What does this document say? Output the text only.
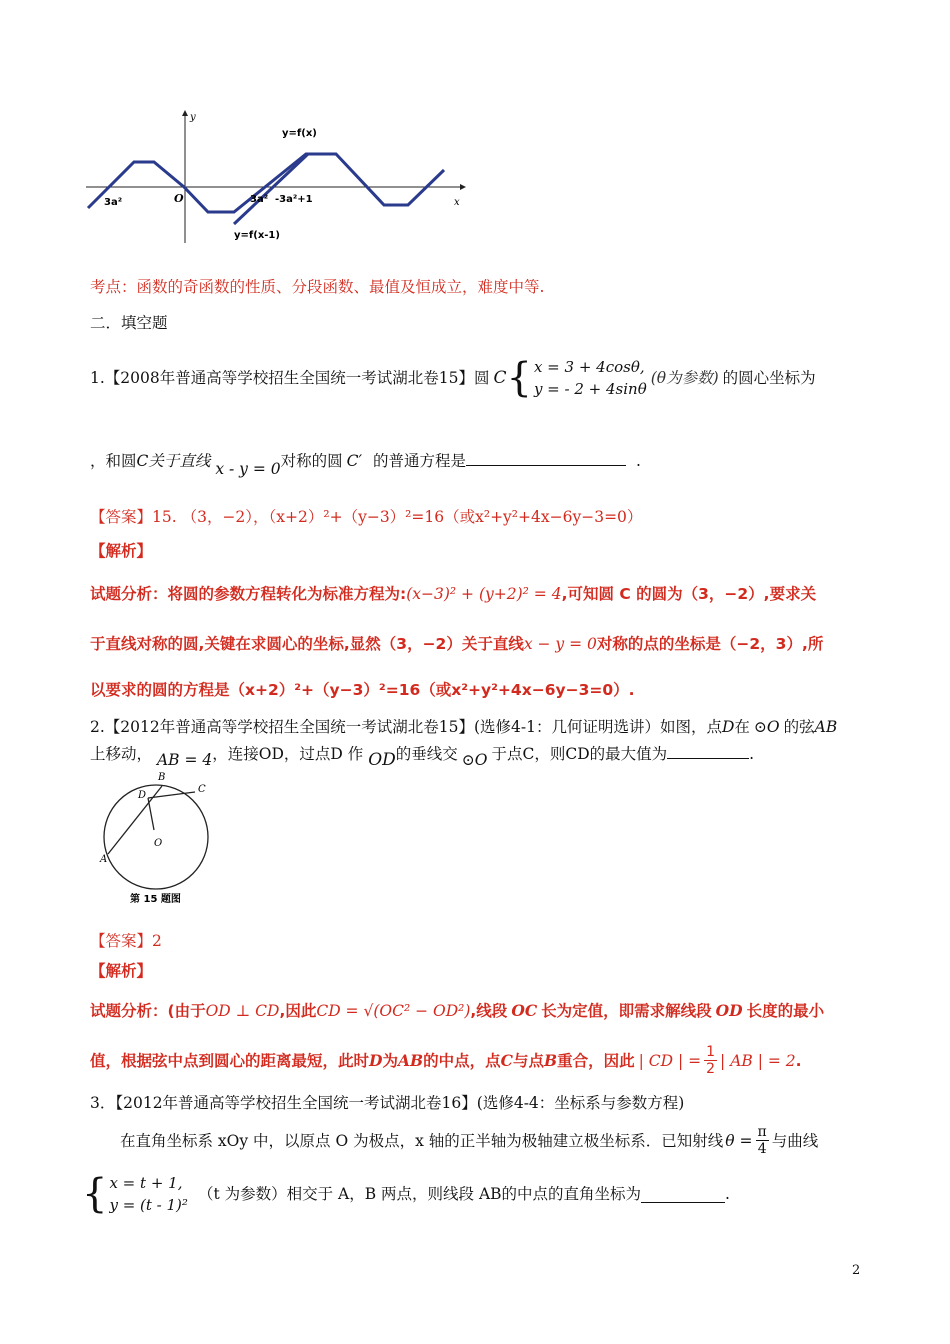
y
x
O
y=f(x)
y=f(x-1)
3a²	3a² -3a²+1
考点：函数的奇函数的性质、分段函数、最值及恒成立，难度中等.
二．填空题
1.【2008年普通高等学校招生全国统一考试湖北卷15】圆 C { x = 3 + 4cosθ,
y = - 2 + 4sinθ
(θ为参数) 的圆心坐标为
，和圆C关于直线 x - y = 0对称的圆 C′ 的普通方程是	.
【答案】15. （3，−2），（x+2）²+（y−3）²=16（或x²+y²+4x−6y−3=0）
【解析】
试题分析：将圆的参数方程转化为标准方程为:(x−3)² + (y+2)² = 4,可知圆 C 的圆为（3，−2）,要求关
于直线对称的圆,关键在求圆心的坐标,显然（3，−2）关于直线x − y = 0对称的点的坐标是（−2，3）,所
以要求的圆的方程是（x+2）²+（y−3）²=16（或x²+y²+4x−6y−3=0）.
2.【2012年普通高等学校招生全国统一考试湖北卷15】(选修4-1：几何证明选讲）如图，点D在 ⊙O 的弦AB
上移动， AB = 4，连接OD，过点D 作 OD的垂线交 ⊙O 于点C，则CD的最大值为	.
B
C
D
O
A
第 15 题图
【答案】2
【解析】
试题分析：(由于OD ⊥ CD,因此CD = √(OC² − OD²),线段 OC 长为定值，即需求解线段 OD 长度的最小
值，根据弦中点到圆心的距离最短，此时 D 为 AB 的中点，点 C 与点 B 重合，因此 | CD | = $\frac{1}{2}$ | AB | = 2 .
3．【2012年普通高等学校招生全国统一考试湖北卷16】(选修4-4：坐标系与参数方程)
在直角坐标系 xOy 中，以原点 O 为极点，x 轴的正半轴为极轴建立极坐标系．已知射线 $\theta = \frac{\pi}{4}$ 与曲线
{ x = t + 1,
y = (t - 1)²
（t 为参数）相交于 A，B 两点，则线段 AB的中点的直角坐标为	.
2
